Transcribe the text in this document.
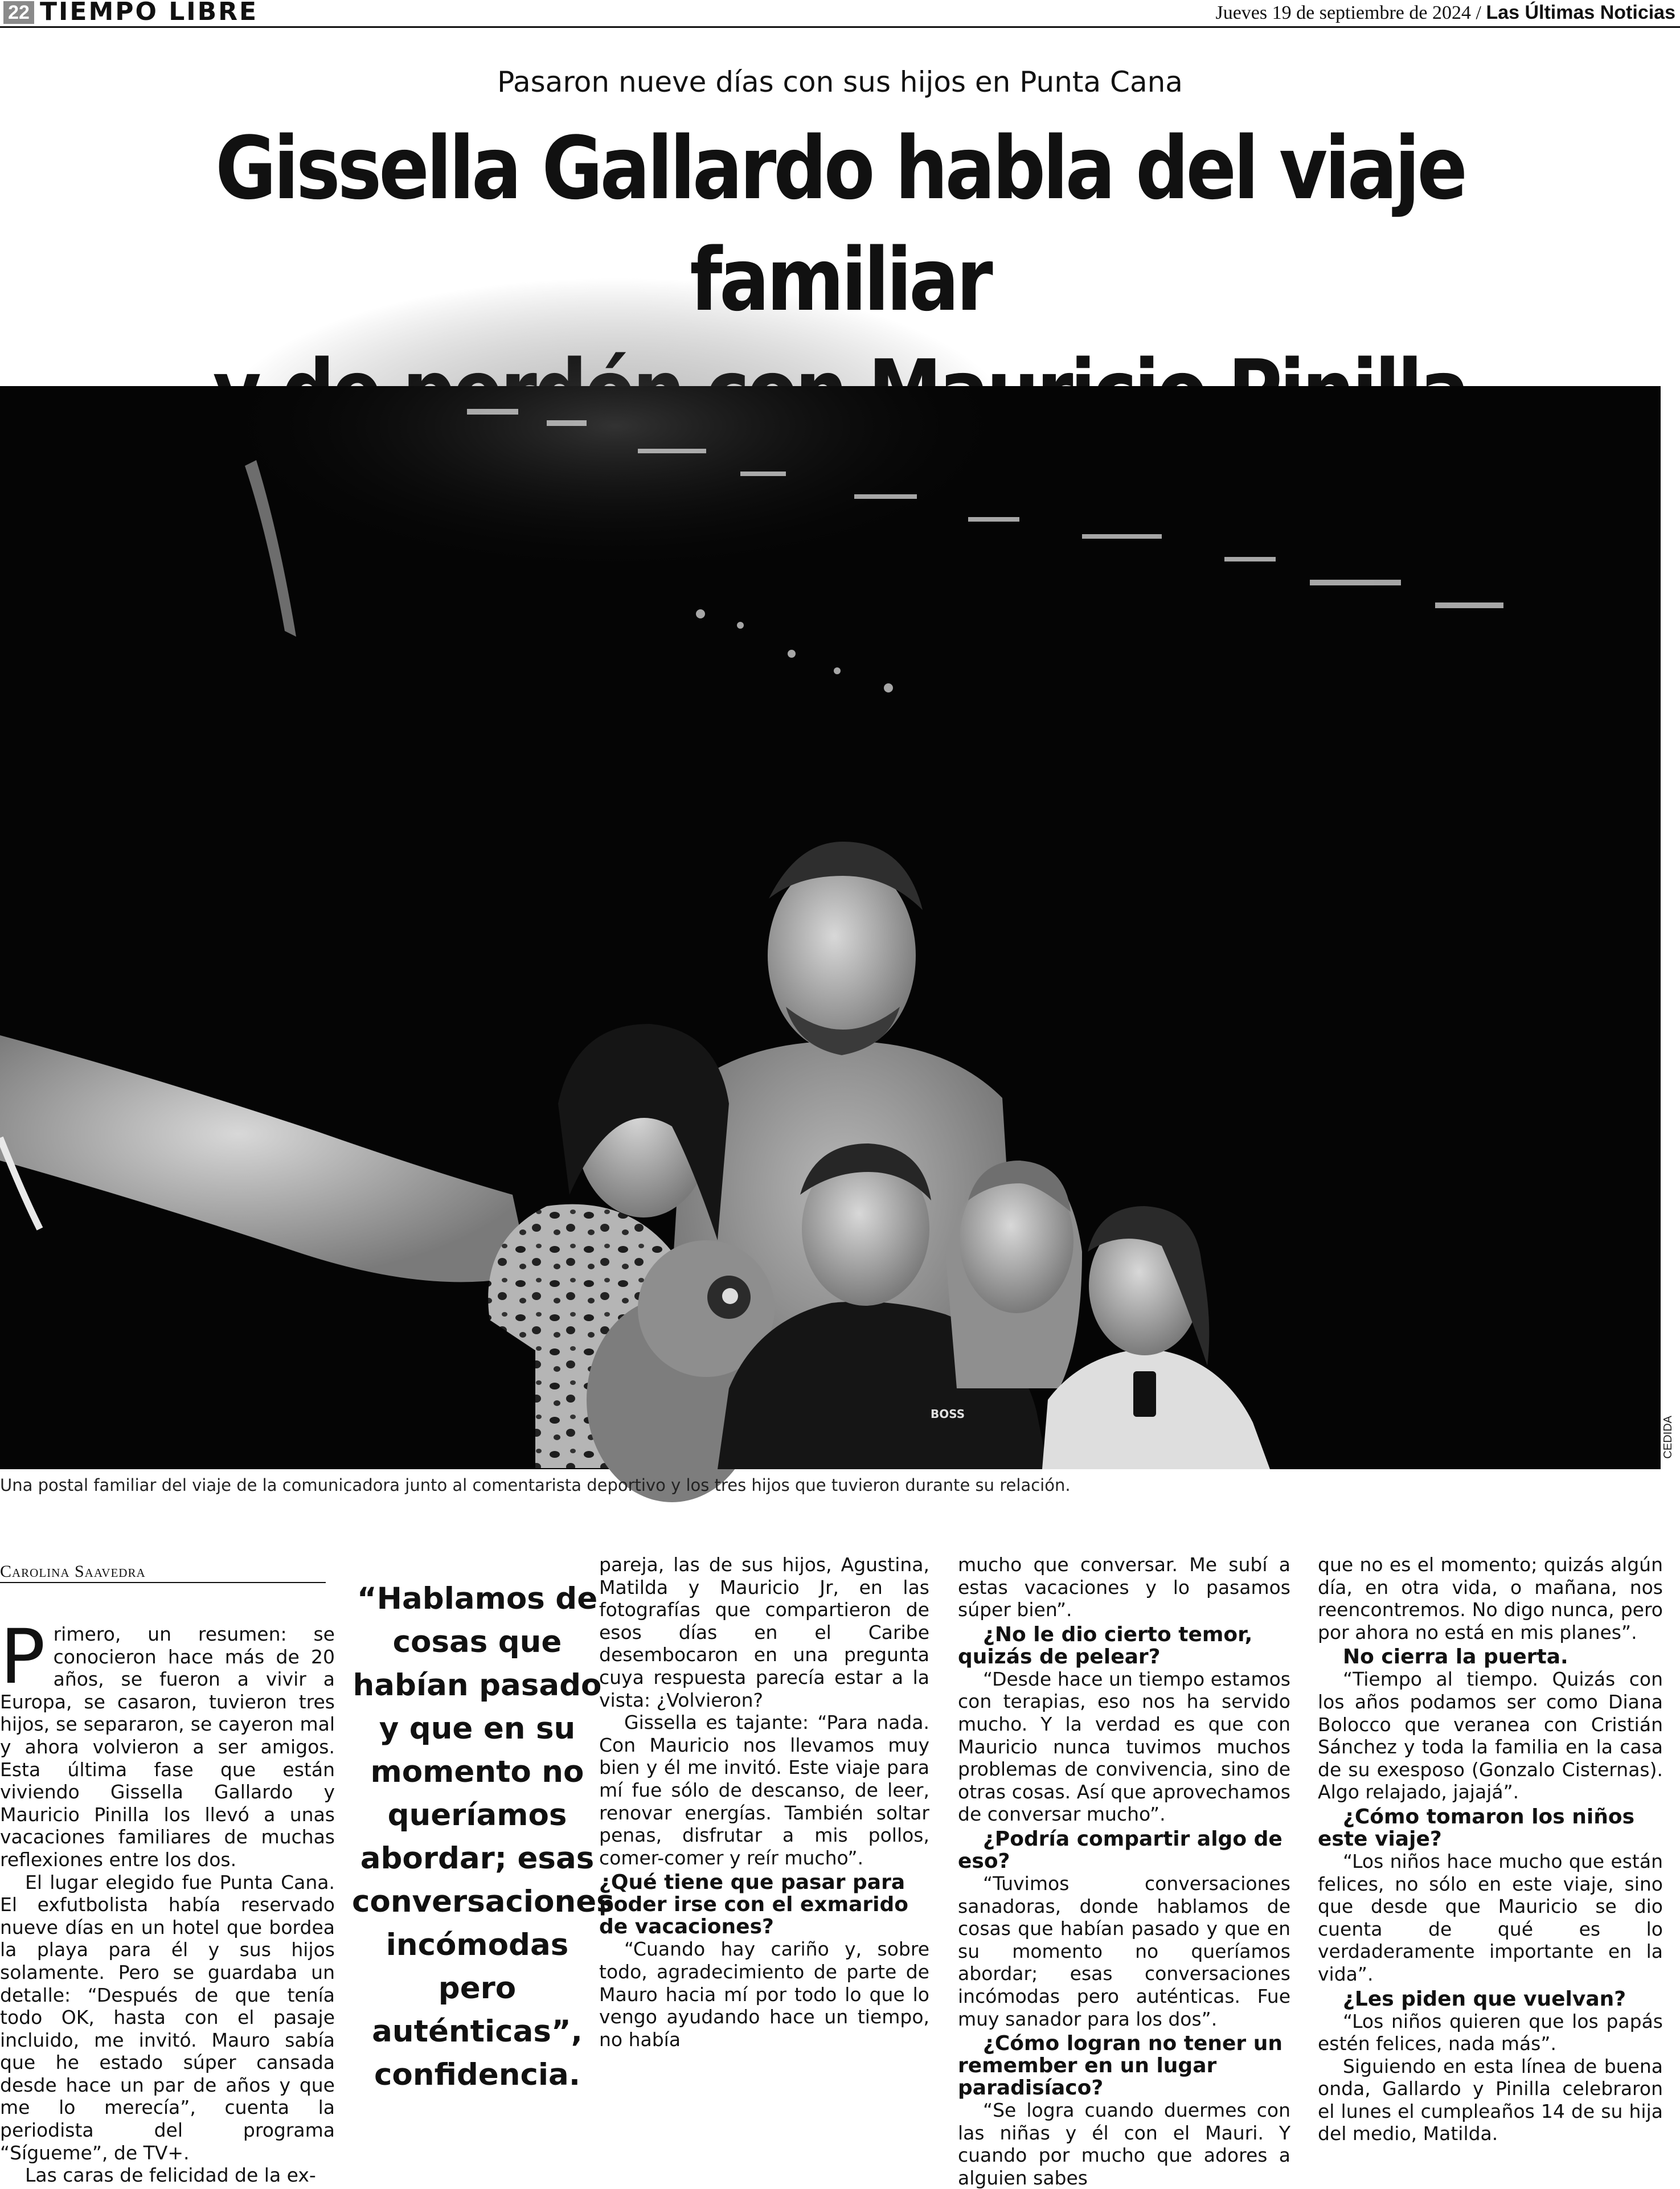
22 TIEMPO LIBRE	Jueves 19 de septiembre de 2024 / Las Últimas Noticias
Pasaron nueve días con sus hijos en Punta Cana
Gissella Gallardo habla del viaje familiar
BOSS
CEDIDA
Una postal familiar del viaje de la comunicadora junto al comentarista deportivo y los tres hijos que tuvieron durante su relación.
Carolina Saavedra

Primero, un resumen: se conocieron hace más de 20 años, se fueron a vivir a Europa, se casaron, tuvieron tres hijos, se separaron, se cayeron mal y ahora volvieron a ser amigos. Esta última fase que están viviendo Gissella Gallardo y Mauricio Pinilla los llevó a unas vacaciones familiares de muchas reflexiones entre los dos.

El lugar elegido fue Punta Cana. El exfutbolista había reservado nueve días en un hotel que bordea la playa para él y sus hijos solamente. Pero se guardaba un detalle: “Después de que tenía todo OK, hasta con el pasaje incluido, me invitó. Mauro sabía que he estado súper cansada desde hace un par de años y que me lo merecía”, cuenta la periodista del programa “Sígueme”, de TV+.

Las caras de felicidad de la ex-

“Hablamos de cosas que habían pasado y que en su momento no queríamos abordar; esas conversaciones incómodas pero auténticas”, confidencia.

pareja, las de sus hijos, Agustina, Matilda y Mauricio Jr, en las fotografías que compartieron de esos días en el Caribe desembocaron en una pregunta cuya respuesta parecía estar a la vista: ¿Volvieron?

Gissella es tajante: “Para nada. Con Mauricio nos llevamos muy bien y él me invitó. Este viaje para mí fue sólo de descanso, de leer, renovar energías. También soltar penas, disfrutar a mis pollos, comer-comer y reír mucho”.

¿Qué tiene que pasar para poder irse con el exmarido de vacaciones?

“Cuando hay cariño y, sobre todo, agradecimiento de parte de Mauro hacia mí por todo lo que lo vengo ayudando hace un tiempo, no había

mucho que conversar. Me subí a estas vacaciones y lo pasamos súper bien”.

¿No le dio cierto temor, quizás de pelear?

“Desde hace un tiempo estamos con terapias, eso nos ha servido mucho. Y la verdad es que con Mauricio nunca tuvimos muchos problemas de convivencia, sino de otras cosas. Así que aprovechamos de conversar mucho”.

¿Podría compartir algo de eso?

“Tuvimos conversaciones sanadoras, donde hablamos de cosas que habían pasado y que en su momento no queríamos abordar; esas conversaciones incómodas pero auténticas. Fue muy sanador para los dos”.

¿Cómo logran no tener un remember en un lugar paradisíaco?

“Se logra cuando duermes con las niñas y él con el Mauri. Y cuando por mucho que adores a alguien sabes

que no es el momento; quizás algún día, en otra vida, o mañana, nos reencontremos. No digo nunca, pero por ahora no está en mis planes”.

No cierra la puerta.

“Tiempo al tiempo. Quizás con los años podamos ser como Diana Bolocco que veranea con Cristián Sánchez y toda la familia en la casa de su exesposo (Gonzalo Cisternas). Algo relajado, jajajá”.

¿Cómo tomaron los niños este viaje?

“Los niños hace mucho que están felices, no sólo en este viaje, sino que desde que Mauricio se dio cuenta de qué es lo verdaderamente importante en la vida”.

¿Les piden que vuelvan?

“Los niños quieren que los papás estén felices, nada más”.

Siguiendo en esta línea de buena onda, Gallardo y Pinilla celebraron el lunes el cumpleaños 14 de su hija del medio, Matilda.
